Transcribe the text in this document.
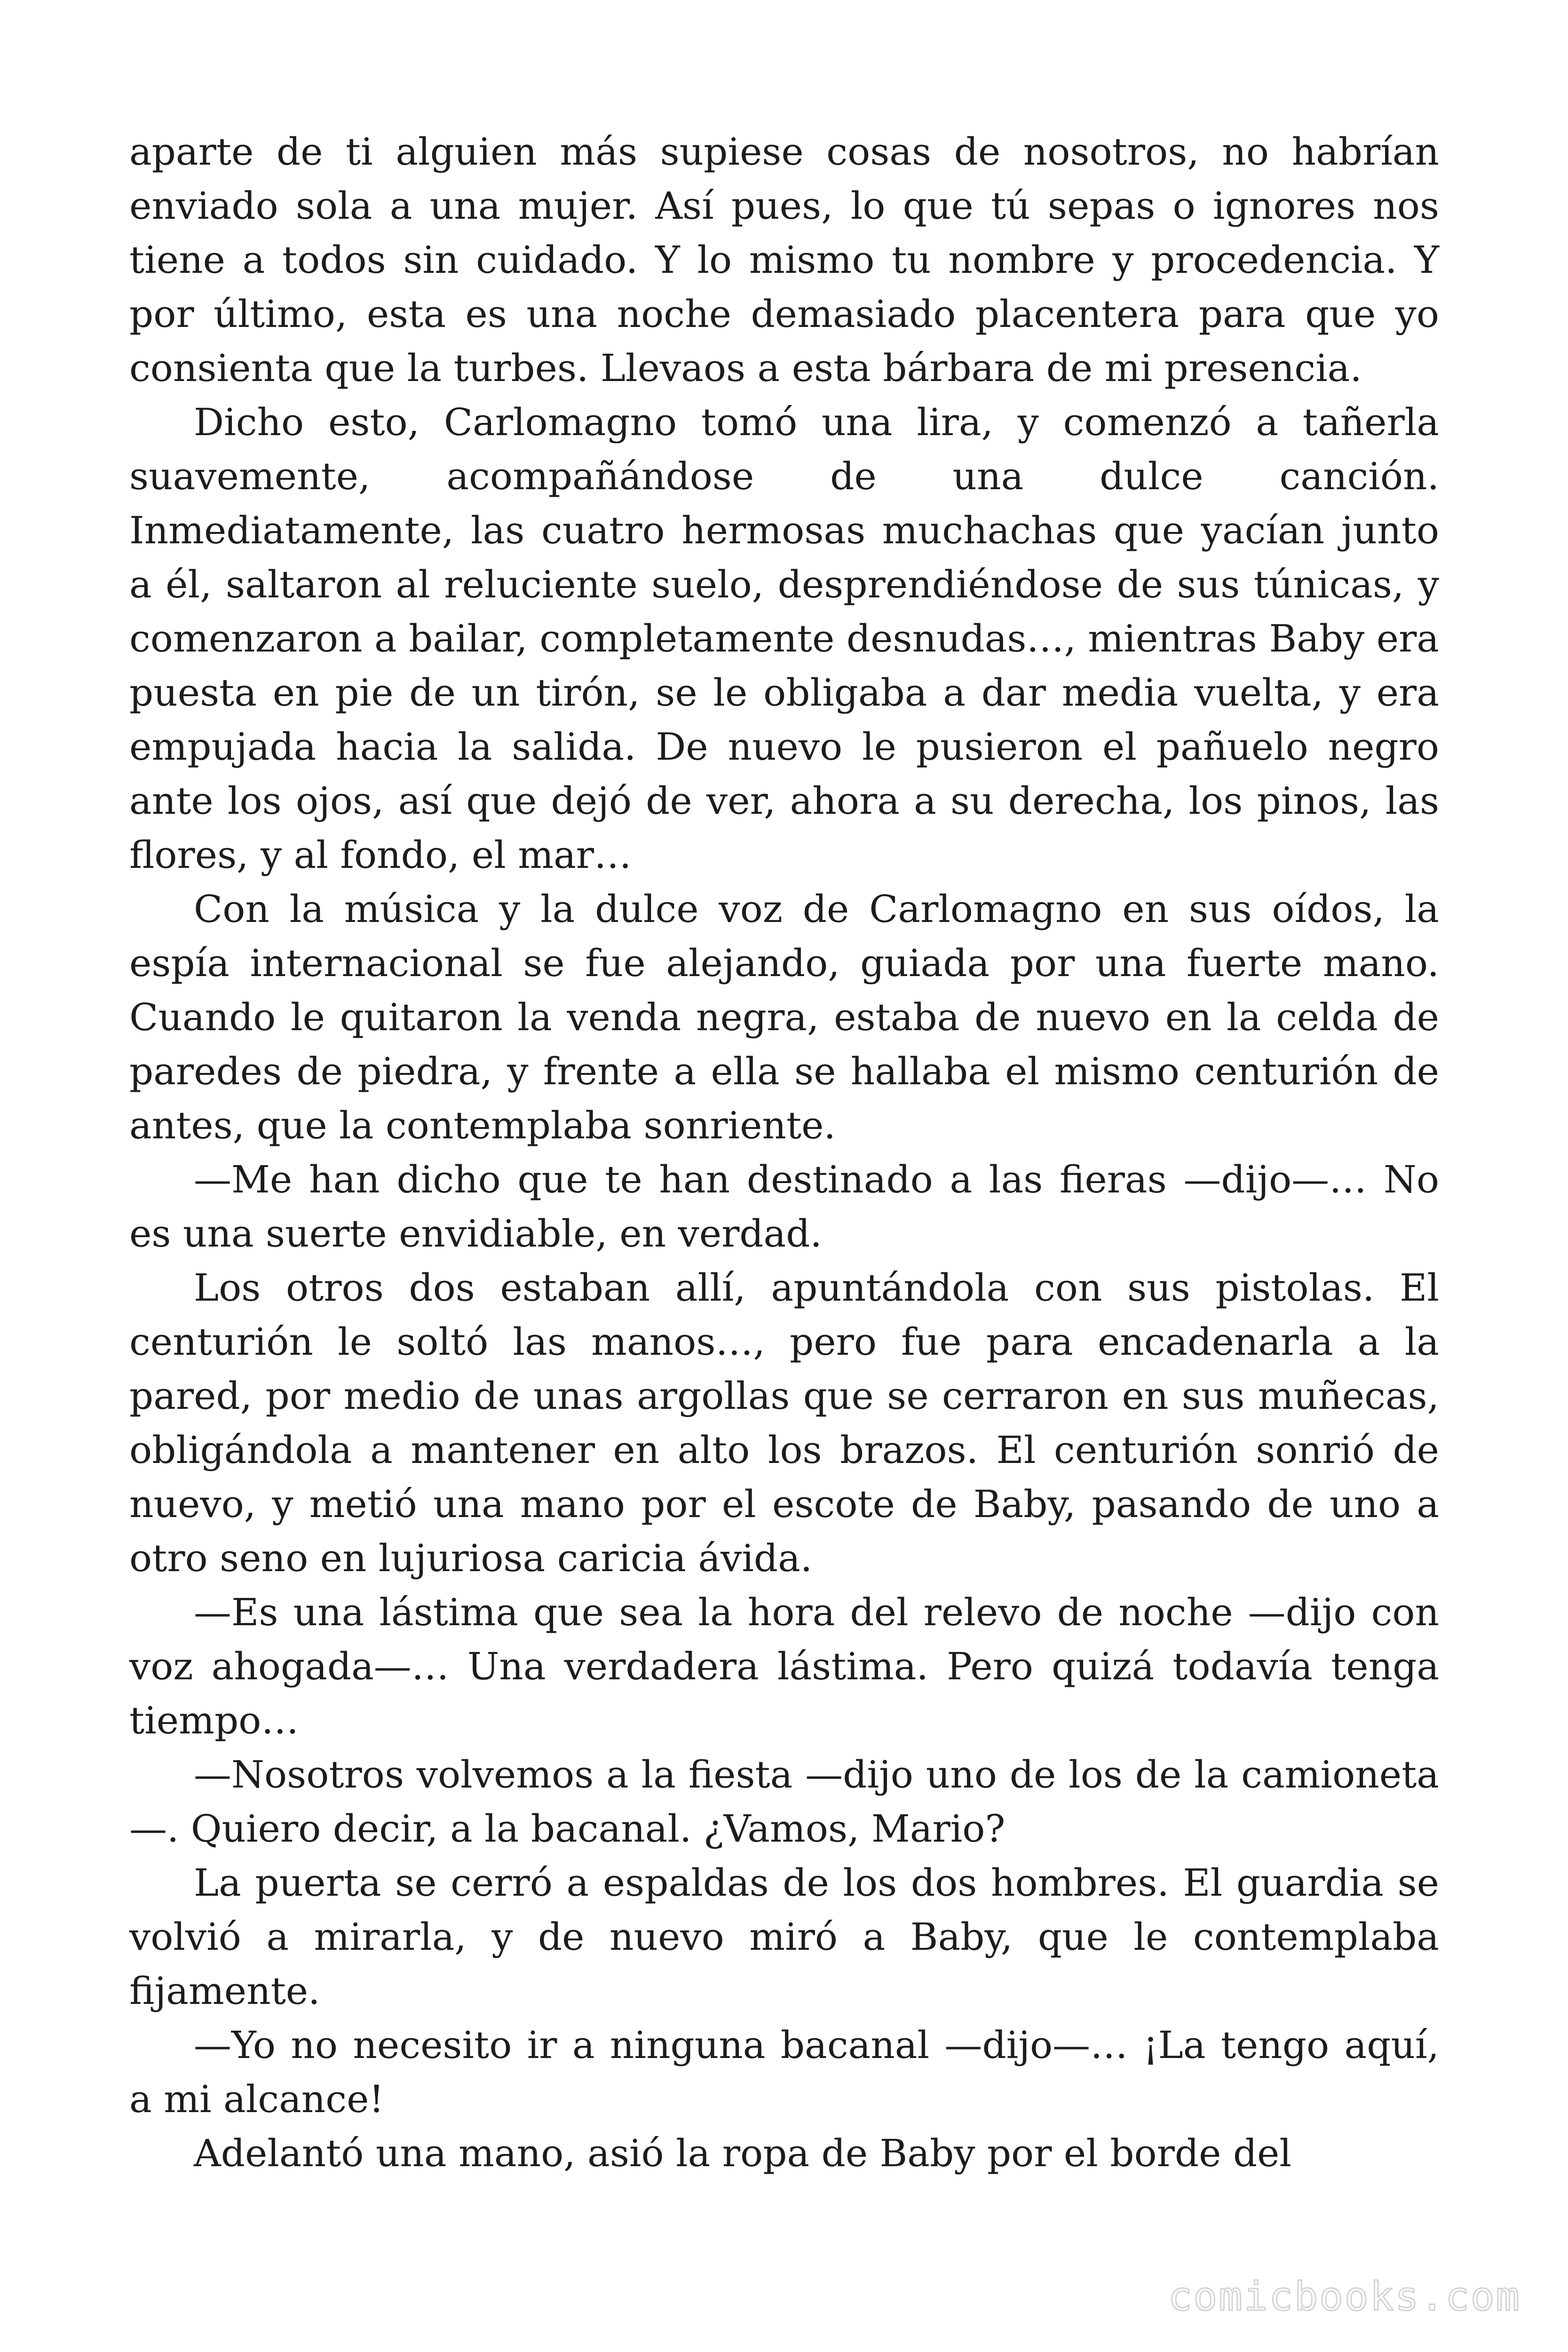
aparte de ti alguien más supiese cosas de nosotros, no habrían enviado sola a una mujer. Así pues, lo que tú sepas o ignores nos tiene a todos sin cuidado. Y lo mismo tu nombre y procedencia. Y por último, esta es una noche demasiado placentera para que yo consienta que la turbes. Llevaos a esta bárbara de mi presencia.

Dicho esto, Carlomagno tomó una lira, y comenzó a tañerla suavemente, acompañándose de una dulce canción. Inmediatamente, las cuatro hermosas muchachas que yacían junto a él, saltaron al reluciente suelo, desprendiéndose de sus túnicas, y comenzaron a bailar, completamente desnudas…, mientras Baby era puesta en pie de un tirón, se le obligaba a dar media vuelta, y era empujada hacia la salida. De nuevo le pusieron el pañuelo negro ante los ojos, así que dejó de ver, ahora a su derecha, los pinos, las flores, y al fondo, el mar…

Con la música y la dulce voz de Carlomagno en sus oídos, la espía internacional se fue alejando, guiada por una fuerte mano. Cuando le quitaron la venda negra, estaba de nuevo en la celda de paredes de piedra, y frente a ella se hallaba el mismo centurión de antes, que la contemplaba sonriente.

—Me han dicho que te han destinado a las fieras —dijo—… No es una suerte envidiable, en verdad.

Los otros dos estaban allí, apuntándola con sus pistolas. El centurión le soltó las manos…, pero fue para encadenarla a la pared, por medio de unas argollas que se cerraron en sus muñecas, obligándola a mantener en alto los brazos. El centurión sonrió de nuevo, y metió una mano por el escote de Baby, pasando de uno a otro seno en lujuriosa caricia ávida.

—Es una lástima que sea la hora del relevo de noche —dijo con voz ahogada—… Una verdadera lástima. Pero quizá todavía tenga tiempo…

—Nosotros volvemos a la fiesta —dijo uno de los de la camioneta—. Quiero decir, a la bacanal. ¿Vamos, Mario?

La puerta se cerró a espaldas de los dos hombres. El guardia se volvió a mirarla, y de nuevo miró a Baby, que le contemplaba fijamente.

—Yo no necesito ir a ninguna bacanal —dijo—… ¡La tengo aquí, a mi alcance!

Adelantó una mano, asió la ropa de Baby por el borde del

comicbooks.com
